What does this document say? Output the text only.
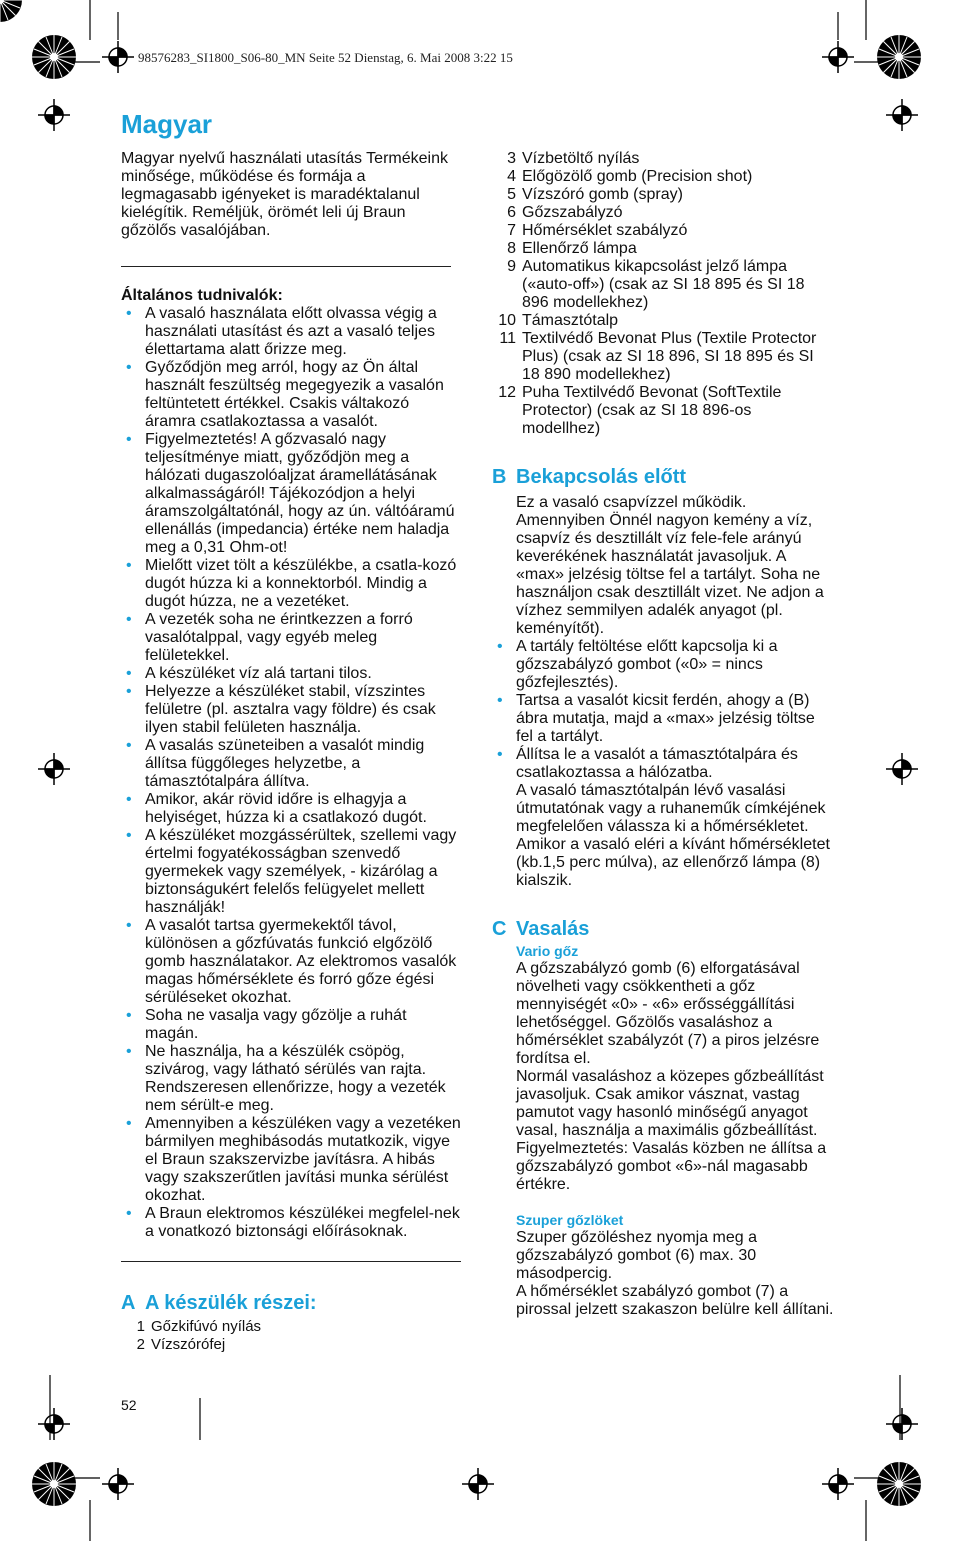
98576283_SI1800_S06-80_MN Seite 52 Dienstag, 6. Mai 2008 3:22 15
Magyar

Magyar nyelvű használati utasítás Termékeink minősége, működése és formája a legmagasabb igényeket is maradéktalanul kielégítik. Reméljük, örömét leli új Braun gőzölős vasalójában.

Általános tudnivalók:

• A vasaló használata előtt olvassa végig a használati utasítást és azt a vasaló teljes élettartama alatt őrizze meg.
• Győződjön meg arról, hogy az Ön által használt feszültség megegyezik a vasalón feltüntetett értékkel. Csakis váltakozó áramra csatlakoztassa a vasalót.
• Figyelmeztetés! A gőzvasaló nagy teljesítménye miatt, győződjön meg a hálózati dugaszolóaljzat áramellátásának alkalmasságáról! Tájékozódjon a helyi áramszolgáltatónál, hogy az ún. váltóáramú ellenállás (impedancia) értéke nem haladja meg a 0,31 Ohm-ot!
• Mielőtt vizet tölt a készülékbe, a csatla-kozó dugót húzza ki a konnektorból. Mindig a dugót húzza, ne a vezetéket.
• A vezeték soha ne érintkezzen a forró vasalótalppal, vagy egyéb meleg felületekkel.
• A készüléket víz alá tartani tilos.
• Helyezze a készüléket stabil, vízszintes felületre (pl. asztalra vagy földre) és csak ilyen stabil felületen használja.
• A vasalás szüneteiben a vasalót mindig állítsa függőleges helyzetbe, a támasztótalpára állítva.
• Amikor, akár rövid időre is elhagyja a helyiséget, húzza ki a csatlakozó dugót.
• A készüléket mozgássérültek, szellemi vagy értelmi fogyatékosságban szenvedő gyermekek vagy személyek, - kizárólag a biztonságukért felelős felügyelet mellett használják!
• A vasalót tartsa gyermekektől távol, különösen a gőzfúvatás funkció elgőzölő gomb használatakor. Az elektromos vasalók magas hőmérséklete és forró gőze égési sérüléseket okozhat.
• Soha ne vasalja vagy gőzölje a ruhát magán.
• Ne használja, ha a készülék csöpög, szivárog, vagy látható sérülés van rajta. Rendszeresen ellenőrizze, hogy a vezeték nem sérült-e meg.
• Amennyiben a készüléken vagy a vezetéken bármilyen meghibásodás mutatkozik, vigye el Braun szakszervizbe javításra. A hibás vagy szakszerűtlen javítási munka sérülést okozhat.
• A Braun elektromos készülékei megfelel-nek a vonatkozó biztonsági előírásoknak.

A A készülék részei:

1 Gőzkifúvó nyílás
2 Vízszórófej
3 Vízbetöltő nyílás
4 Előgözölő gomb (Precision shot)
5 Vízszóró gomb (spray)
6 Gőzszabályzó
7 Hőmérséklet szabályzó
8 Ellenőrző lámpa
9 Automatikus kikapcsolást jelző lámpa («auto-off») (csak az SI 18 895 és SI 18 896 modellekhez)
10 Támasztótalp
11 Textilvédő Bevonat Plus (Textile Protector Plus) (csak az SI 18 896, SI 18 895 és SI 18 890 modellekhez)
12 Puha Textilvédő Bevonat (SoftTextile Protector) (csak az SI 18 896-os modellhez)

B Bekapcsolás előtt

Ez a vasaló csapvízzel működik. Amennyiben Önnél nagyon kemény a víz, csapvíz és desztillált víz fele-fele arányú keverékének használatát javasoljuk. A «max» jelzésig töltse fel a tartályt. Soha ne használjon csak desztillált vizet. Ne adjon a vízhez semmilyen adalék anyagot (pl. keményítőt).

• A tartály feltöltése előtt kapcsolja ki a gőzszabályzó gombot («0» = nincs gőzfejlesztés).
• Tartsa a vasalót kicsit ferdén, ahogy a (B) ábra mutatja, majd a «max» jelzésig töltse fel a tartályt.
• Állítsa le a vasalót a támasztótalpára és csatlakoztassa a hálózatba.

A vasaló támasztótalpán lévő vasalási útmutatónak vagy a ruhaneműk címkéjének megfelelően válassza ki a hőmérsékletet.

Amikor a vasaló eléri a kívánt hőmérsékletet (kb.1,5 perc múlva), az ellenőrző lámpa (8) kialszik.

C Vasalás

Vario gőz

A gőzszabályzó gomb (6) elforgatásával növelheti vagy csökkentheti a gőz mennyiségét «0» - «6» erősséggállítási lehetőséggel. Gőzölős vasaláshoz a hőmérséklet szabályzót (7) a piros jelzésre fordítsa el.

Normál vasaláshoz a közepes gőzbeállítást javasoljuk. Csak amikor vásznat, vastag pamutot vagy hasonló minőségű anyagot vasal, használja a maximális gőzbeállítást.

Figyelmeztetés: Vasalás közben ne állítsa a gőzszabályzó gombot «6»-nál magasabb értékre.

Szuper gőzlöket

Szuper gőzöléshez nyomja meg a gőzszabályzó gombot (6) max. 30 másodpercig.

A hőmérséklet szabályzó gombot (7) a pirossal jelzett szakaszon belülre kell állítani.

52
